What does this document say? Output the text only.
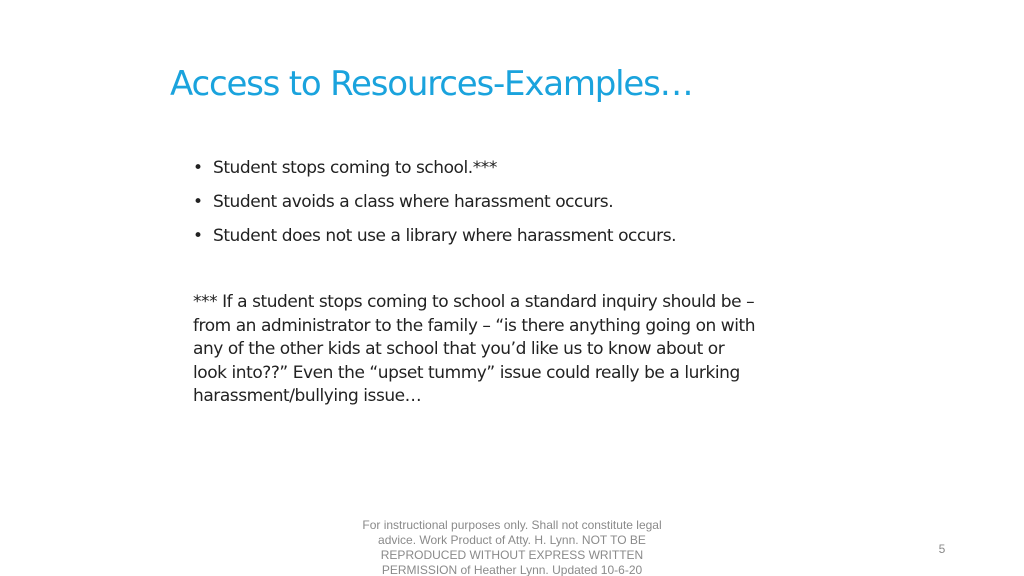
Access to Resources-Examples…
• Student stops coming to school.***
• Student avoids a class where harassment occurs.
• Student does not use a library where harassment occurs.

*** If a student stops coming to school a standard inquiry should be –
from an administrator to the family – “is there anything going on with
any of the other kids at school that you’d like us to know about or
look into??” Even the “upset tummy” issue could really be a lurking
harassment/bullying issue…

For instructional purposes only. Shall not constitute legal
advice. Work Product of Atty. H. Lynn. NOT TO BE
REPRODUCED WITHOUT EXPRESS WRITTEN
PERMISSION of Heather Lynn. Updated 10-6-20
5
